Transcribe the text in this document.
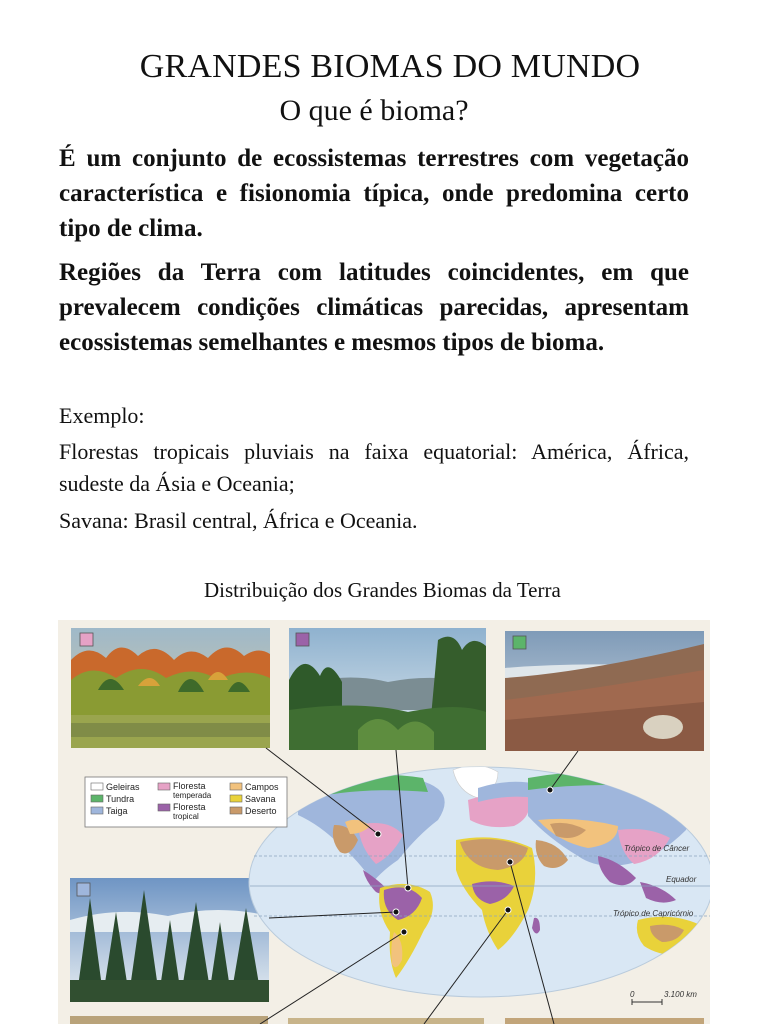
GRANDES BIOMAS DO MUNDO
O que é bioma?
É um conjunto de ecossistemas terrestres com vegetação característica e fisionomia típica, onde predomina certo tipo de clima.
Regiões da Terra com latitudes coincidentes, em que prevalecem condições climáticas parecidas, apresentam ecossistemas semelhantes e mesmos tipos de bioma.
Exemplo:
Florestas tropicais pluviais na faixa equatorial: América, África, sudeste da Ásia e Oceania;
Savana: Brasil central, África e Oceania.
Distribuição dos Grandes Biomas da Terra
Trópico de Câncer
Equador
Trópico de Capricórnio
0	3.100 km
Geleiras
Tundra
Taiga
Floresta
temperada
Floresta
tropical
Campos
Savana
Deserto
